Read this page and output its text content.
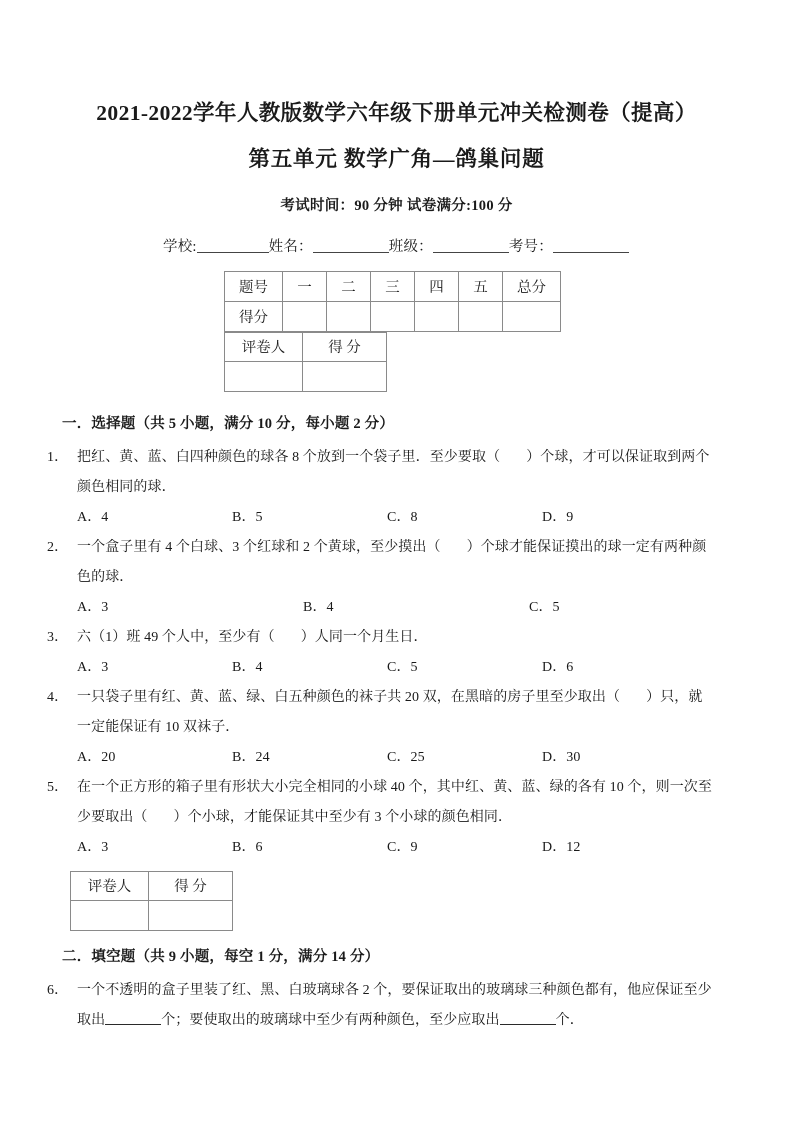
2021-2022学年人教版数学六年级下册单元冲关检测卷（提高）
第五单元 数学广角—鸽巢问题
考试时间：90 分钟 试卷满分:100 分
学校:	姓名：	班级：	考号：
题号	一	二	三	四	五	总分
得分						
评卷人	得 分

一．选择题（共 5 小题，满分 10 分，每小题 2 分）
1． 把红、黄、蓝、白四种颜色的球各 8 个放到一个袋子里．至少要取（ ）个球，才可以保证取到两个
颜色相同的球．
A．4	B．5	C．8	D．9
2． 一个盒子里有 4 个白球、3 个红球和 2 个黄球，至少摸出（ ）个球才能保证摸出的球一定有两种颜
色的球．
A．3	B．4	C．5
3． 六（1）班 49 个人中，至少有（ ）人同一个月生日．
A．3	B．4	C．5	D．6
4． 一只袋子里有红、黄、蓝、绿、白五种颜色的袜子共 20 双，在黑暗的房子里至少取出（ ）只，就
一定能保证有 10 双袜子．
A．20	B．24	C．25	D．30
5． 在一个正方形的箱子里有形状大小完全相同的小球 40 个，其中红、黄、蓝、绿的各有 10 个，则一次至
少要取出（ ）个小球，才能保证其中至少有 3 个小球的颜色相同．
A．3	B．6	C．9	D．12
评卷人	得 分

二．填空题（共 9 小题，每空 1 分，满分 14 分）
6． 一个不透明的盒子里装了红、黑、白玻璃球各 2 个，要保证取出的玻璃球三种颜色都有，他应保证至少
取出	个；要使取出的玻璃球中至少有两种颜色，至少应取出	个．
